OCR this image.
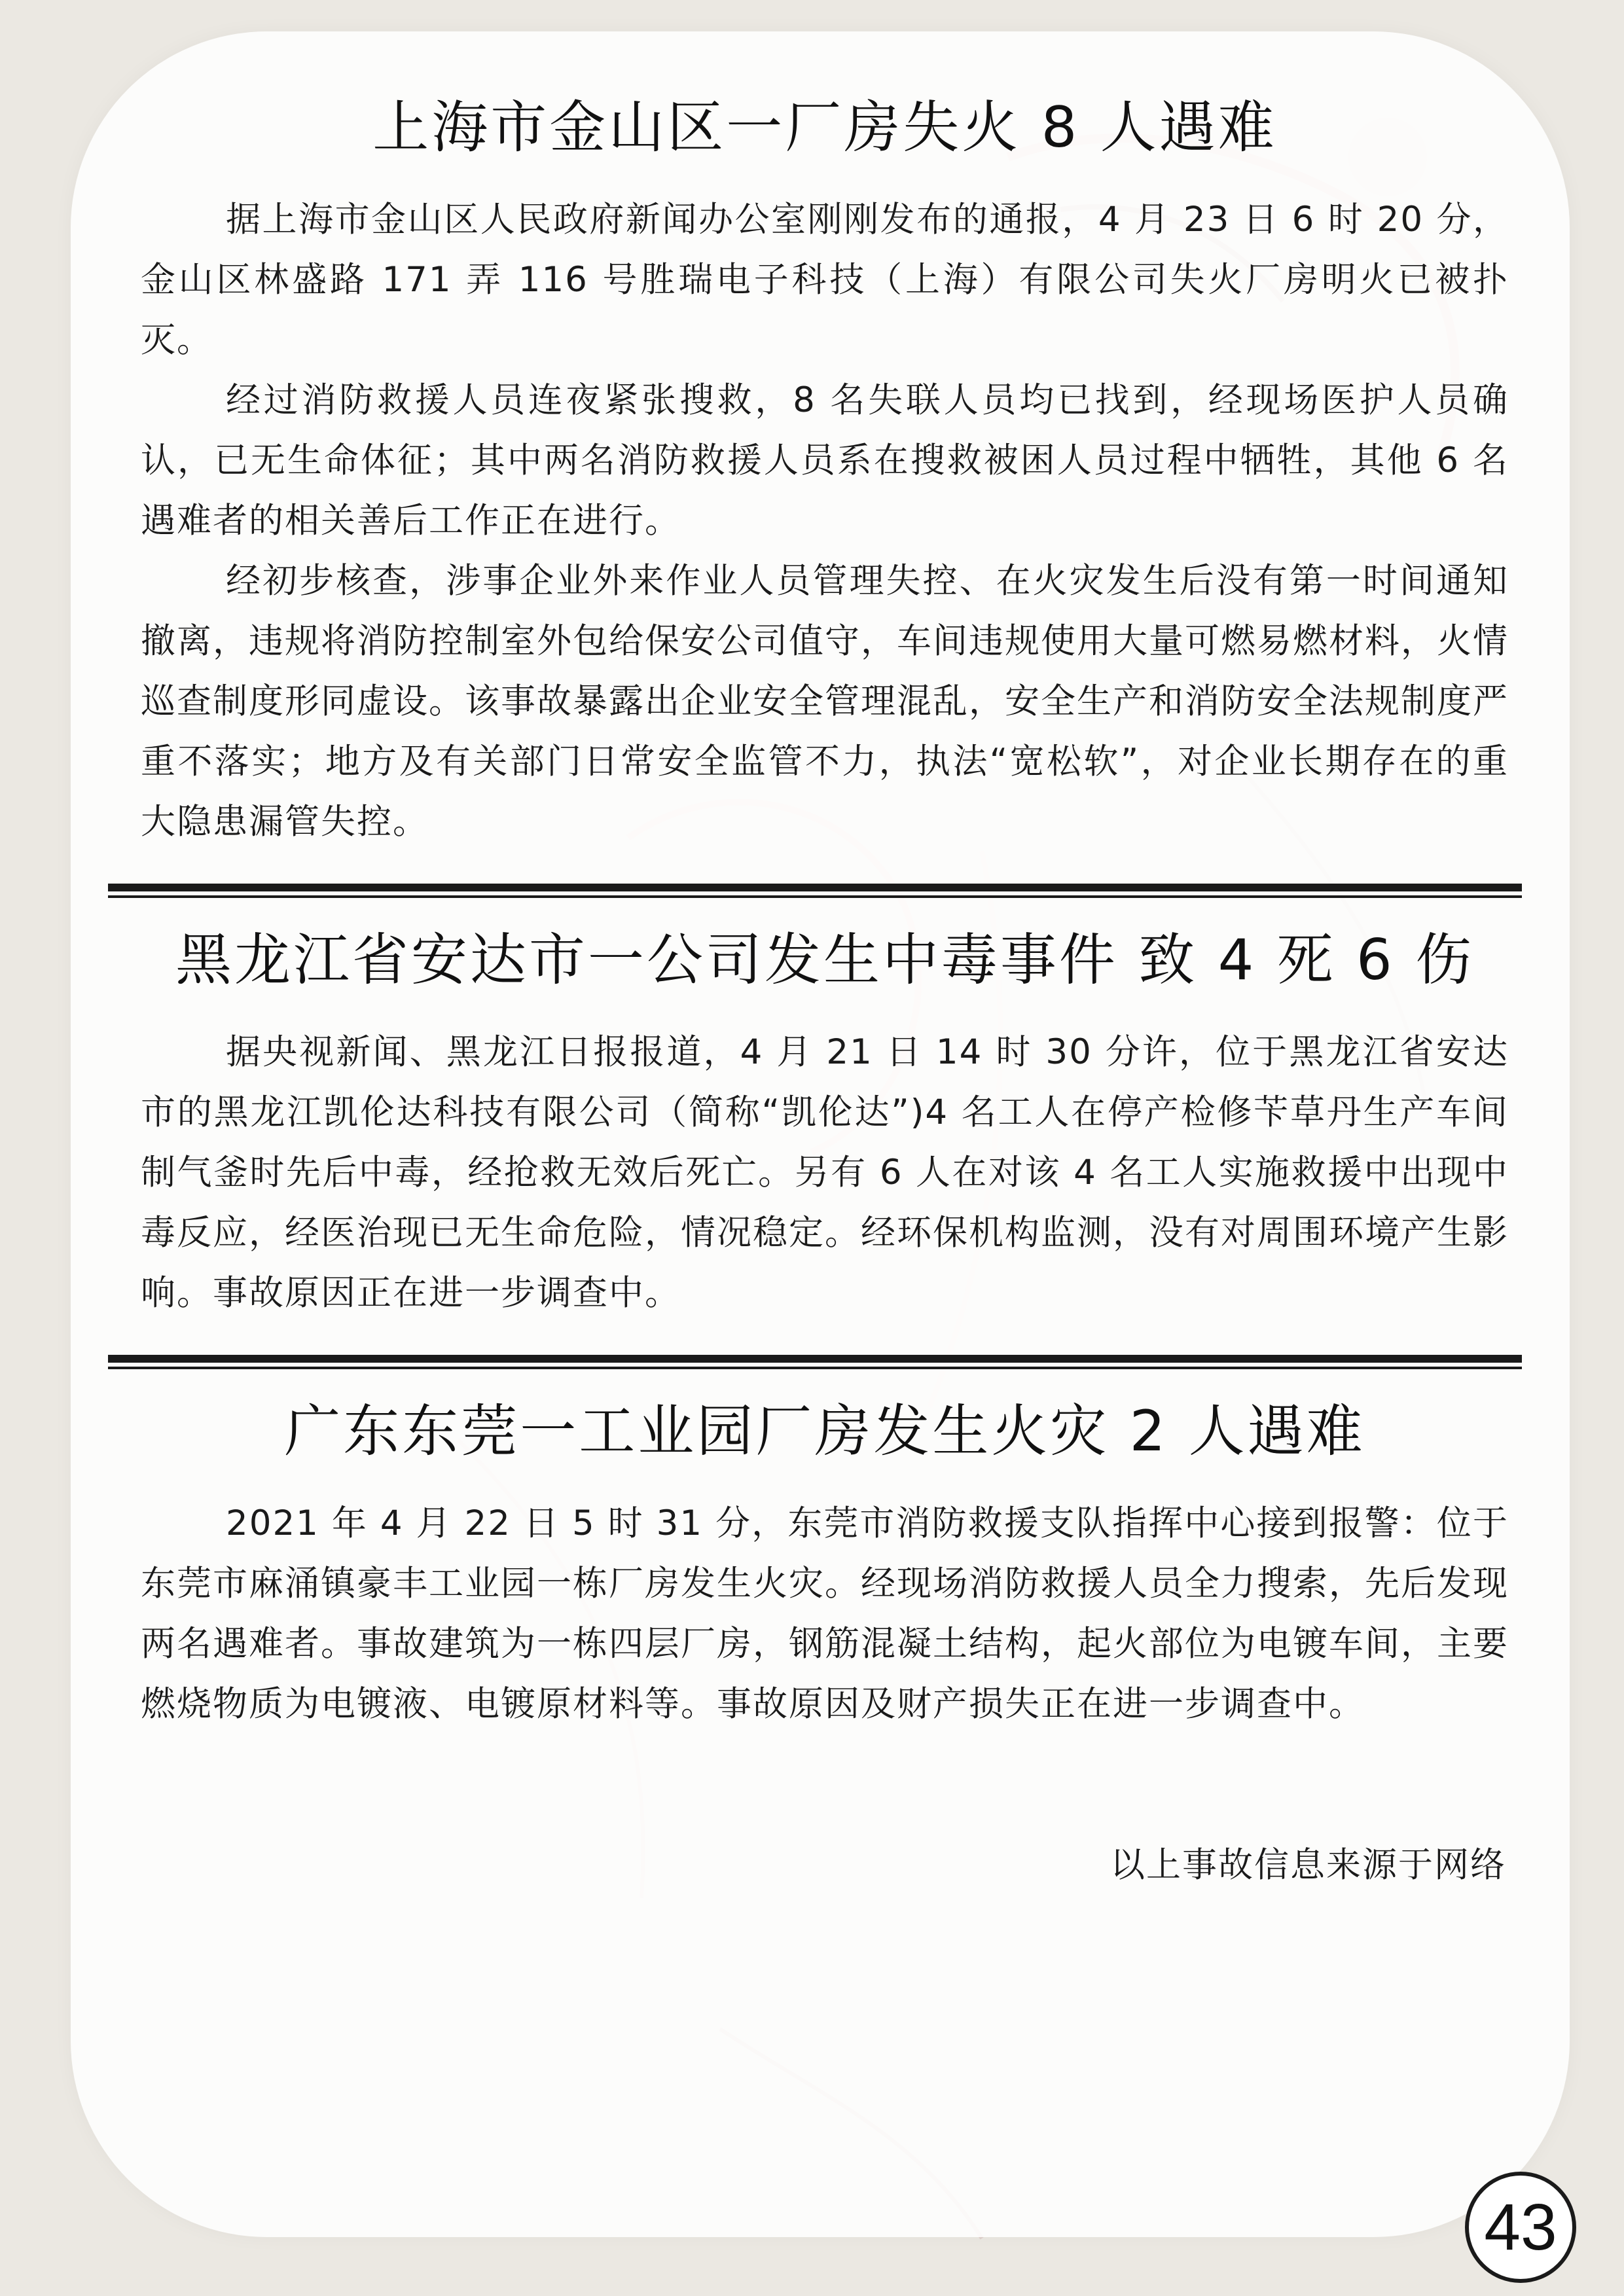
上海市金山区一厂房失火 8 人遇难

据上海市金山区人民政府新闻办公室刚刚发布的通报，4 月 23 日 6 时 20 分，金山区林盛路 171 弄 116 号胜瑞电子科技（上海）有限公司失火厂房明火已被扑灭。

经过消防救援人员连夜紧张搜救，8 名失联人员均已找到，经现场医护人员确认，已无生命体征；其中两名消防救援人员系在搜救被困人员过程中牺牲，其他 6 名遇难者的相关善后工作正在进行。

经初步核查，涉事企业外来作业人员管理失控、在火灾发生后没有第一时间通知撤离，违规将消防控制室外包给保安公司值守，车间违规使用大量可燃易燃材料，火情巡查制度形同虚设。该事故暴露出企业安全管理混乱，安全生产和消防安全法规制度严重不落实；地方及有关部门日常安全监管不力，执法“宽松软”，对企业长期存在的重大隐患漏管失控。

黑龙江省安达市一公司发生中毒事件 致 4 死 6 伤

据央视新闻、黑龙江日报报道，4 月 21 日 14 时 30 分许，位于黑龙江省安达市的黑龙江凯伦达科技有限公司（简称“凯伦达”)4 名工人在停产检修苄草丹生产车间制气釜时先后中毒，经抢救无效后死亡。另有 6 人在对该 4 名工人实施救援中出现中毒反应，经医治现已无生命危险，情况稳定。经环保机构监测，没有对周围环境产生影响。事故原因正在进一步调查中。

广东东莞一工业园厂房发生火灾 2 人遇难

2021 年 4 月 22 日 5 时 31 分，东莞市消防救援支队指挥中心接到报警：位于东莞市麻涌镇豪丰工业园一栋厂房发生火灾。经现场消防救援人员全力搜索，先后发现两名遇难者。事故建筑为一栋四层厂房，钢筋混凝土结构，起火部位为电镀车间，主要燃烧物质为电镀液、电镀原材料等。事故原因及财产损失正在进一步调查中。

以上事故信息来源于网络

43
